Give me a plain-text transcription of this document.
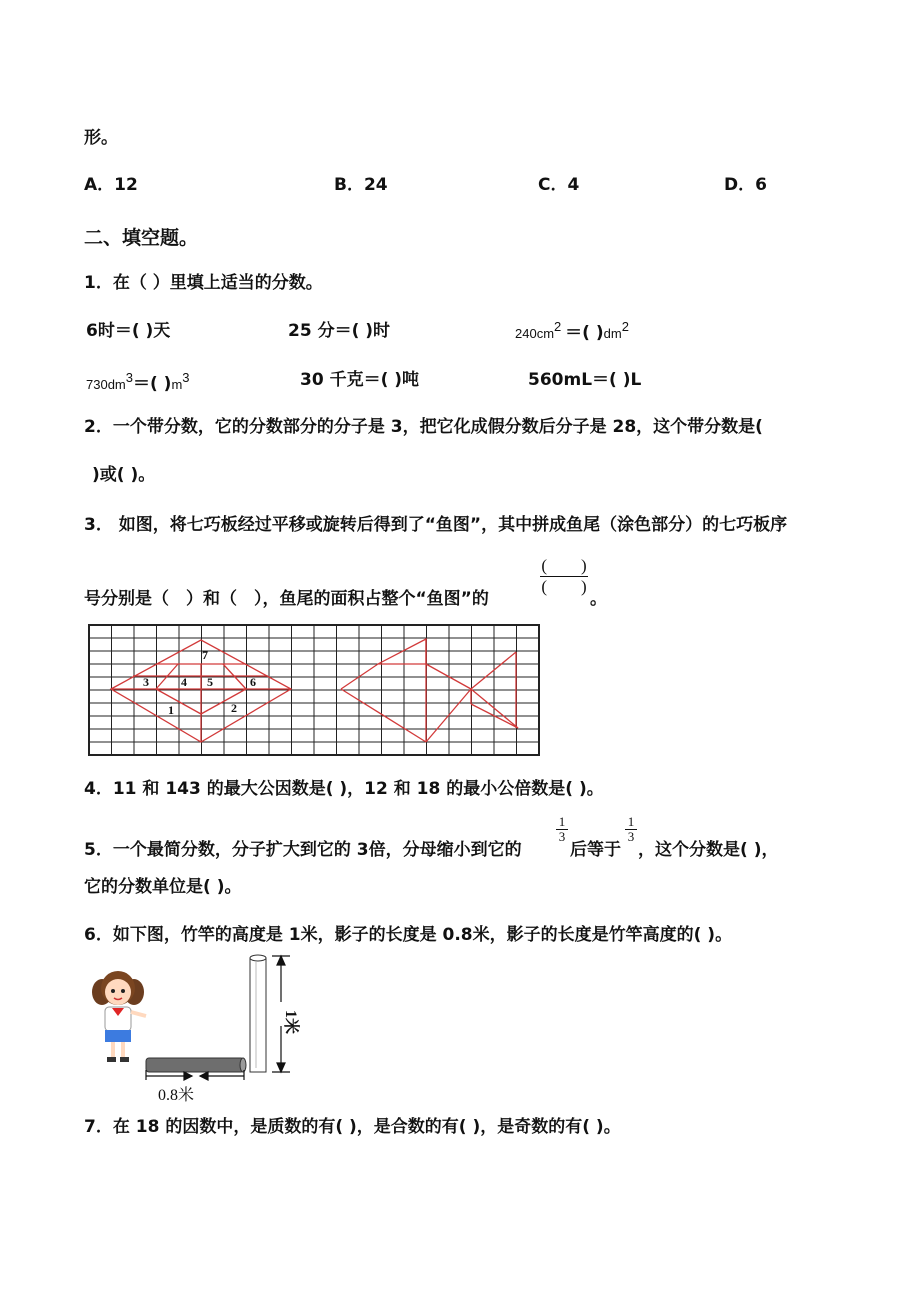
形。
A．12	B．24	C．4	D．6
二、填空题。
1．在（ ）里填上适当的分数。
6时＝( )天	25 分＝( )时	$240cm^2$ ＝( )$dm^2$
$730dm^3=$( )$m^3$	30 千克＝( )吨	560mL＝( )L
2．一个带分数，它的分数部分的分子是 3，把它化成假分数后分子是 28，这个带分数是(
)或( )。
3． 如图，将七巧板经过平移或旋转后得到了“鱼图”，其中拼成鱼尾（涂色部分）的七巧板序
号分别是（　）和（　），鱼尾的面积占整个“鱼图”的
(　　)
(　　)
。
7
3	4 5	6
1	2
4．11 和 143 的最大公因数是( )，12 和 18 的最小公倍数是( )。
5．一个最简分数，分子扩大到它的 3倍，分母缩小到它的
1
3
后等于
1
3
，这个分数是( )，
它的分数单位是( )。
6．如下图，竹竿的高度是 1米，影子的长度是 0.8米，影子的长度是竹竿高度的( )。
1米
0.8米
7．在 18 的因数中，是质数的有( )，是合数的有( )，是奇数的有( )。
